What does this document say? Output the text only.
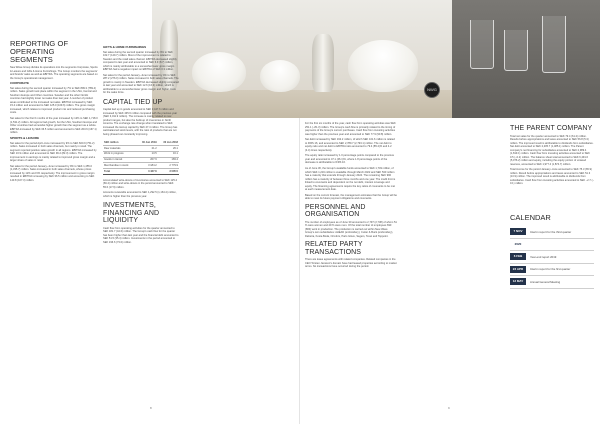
NWG
REPORTING OF OPERATING SEGMENTS

New Wave Group divides its operations into the segments Corporate, Sports & Leisure and Gifts & Home Furnishings. The Group monitors the segments' and brands' sales as well as EBITDA. The operating segments are based on the Group's operational management.

CORPORATE

Net sales during the second quarter increased by 7% to SEK 899.3 (789.4) million. Sales growth took place within the segment in the USA, Central and Southern Europe and Other countries. Sweden and the other Nordic countries had slightly lower net sales than last year. A number of product areas contributed to the increased net sales. EBITDA increased by SEK 15.4 million and amounted to SEK 125.0 (109.6) million. The gross margin increased, which relates to improved product mix and reduced purchasing costs.

Net sales for the first 6 months of the year increased by 12% to SEK 1,718.0 (1,531.2) million. All regions had growth, but the USA, Southern Europe and Other countries had somewhat higher growth than the segment as a whole. EBITDA increased by SEK 36.5 million and amounted to SEK 203.6 (167.1) million.

SPORTS & LEISURE

Net sales for the period April–June increased by 9% to SEK 820.9 (751.2) million. Sales increased in both sales channels, but mainly in retail. The segment reported positive sales growth in all regions. EBITDA increased by SEK 16.9 million and amounted to SEK 99.2 (82.3) million. The improvement in earnings is mainly related to improved gross margin and a larger share of sales in retail.

Net sales for the period January–June increased by 9% to SEK 1,455.0 (1,335.7) million. Sales increased in both sales channels, whose prices increased by 12% and 6% respectively. The improvement in gross margin resulted in EBITDA increasing by SEK 36.5 million and amounting to SEK 143.8 (107.3) million.

GIFTS & HOME FURNISHINGS

Net sales during the second quarter increased by 9% to SEK 162.7 (149.7) million. Most of the improvement is related to Sweden and the retail sales channel. EBITDA decreased slightly compared to last year and amounted to SEK 6.9 (8.7) million, which is mainly attributable to a somewhat lower gross margin. EBITDA had a negative impact on EBITDA of SEK 0.3 million.

Net sales for the period January–June increased by 4% to SEK 287.2 (276.0) million. Sales increased in both sales channels. The growth is mainly in Sweden. EBITDA decreased slightly compared to last year and amounted to SEK 12.6 (16.3) million, which is attributable to a somewhat lower gross margin and higher costs for the sales force.

CAPITAL TIED UP

Capital tied up in goods amounted to SEK 3,447.6 million and increased by SEK 435.6 million compared with the previous year (SEK 3,011.9 million). The increase is mainly related to new product ranges, but also the build-up of inventories in North America. The exchange rate change when translated to SEK increased the tied-up capital by SEK 47.4 million. The Group has well-balanced stock levels, with the ratio of products that are not being phased out constantly improving.

SEK million	30 Jun 2019	30 Jun 2018
Raw materials	21.2	26.1
Work in progress	13.5	16.1
Goods in transit	207.9	183.4
Merchandise in stock	3 184.2	2 779.9
Total	3 427.6	3 005.5

Accumulated write-downs of inventories amounted to SEK 125.4 (69.4) million and write-downs in the period amounted to SEK 55.6 (17.9) million.

Accounts receivable amounted to SEK 1,292.5 (1,164.4) million, which is higher than the previous year.

INVESTMENTS, FINANCING AND LIQUIDITY

Cash flow from operating activities for the quarter amounted to SEK 181.7 (44.6) million. The Group's cash flow for the quarter has been higher than last year and the financial debt amounted to SEK 51.5 (35.4) million. Investments in the period amounted to SEK 196.6 (73.0) million.

For the first six months of the year, cash flow from operating activities was SEK 251.1 (–81.3) million. The Group's cash flow is primarily related to the timing of payments of the Group's current purchases. Cash flow from investing activities was higher than the previous year and amounted to SEK 77.9 (90.8) million.

Net debt increased by SEK 192.2 million, of which SEK 101.6 million is related to IFRS 16, and amounted to SEK 2,789.7 (2,793.1) million. The net debt to equity ratio and net debt to EBITDA ratio amounted to 79.4 (85.4)% and 4.2 (4.4) times respectively.

The equity ratio increased by 1.0 percentage points compared to the previous year and amounted to 47.1 (46.1)%, where 1.8 percentage points of the decrease is attributable to IFRS 16.

As of June 30, the Group's available funds amounted to SEK 1,749 million, of which SEK 1,219 million is available through March 2022 and SEK 530 million has a maturity that extends through January 2024. The remaining SEK 990 million has a maturity of between three months and one year. The credit limit is linked to covenants and dependent on the net debt, interest coverage and equity. The financing agreements require the key ratios of covenants to be met at each measurement date.

Based on the current forecast, the management estimates that the Group will be able to meet its future payment obligations and covenants.

PERSONNEL AND ORGANISATION

The number of employees as of June 30 amounted to 2,797 (2,738) of whom 51 % were women and 49 % were men. Of the total number of employees 690 (684) work in production. The production is carried out within New Wave Group's own subsidiaries: AHEAD (embroidery), Cutter & Buck (embroidery), Dahetra, Kosta Boda, Orrefors, Paris Glove, Segers, Texet and Toppoint.

RELATED PARTY TRANSACTIONS

There are lease agreements with related companies. Related companies in the CEO Torsten Jansson's domain have had leased properties according to market terms. No transactions have occurred during the period.

THE PARENT COMPANY

Total net sales for the quarter amounted to SEK 79.4 (61.2) million. Results before appropriations and taxes amounted to SEK 56.8 (5.3) million. The improved result is attributable to dividends from subsidiaries. Net debt amounted to SEK 2,205.7 (1,485.1) million. The Parent company's net financing for subsidiaries amounted to SEK 2,989.4 (1,819.1) million. Cash flow from investing activities amounted to SEK 0.5 (–0.2) million. The balance sheet total amounted to SEK 6,491.6 (5,076.2) million and equity, including the equity portion of untaxed reserves, amounted to SEK 1,977.4 (1,874.7) million.

Total income for the period January–June amounted to SEK 75.3 (65.9) million. Result before appropriations and taxes amounted to SEK 51.3 (13.9) million. The improved result is attributable to dividends from subsidiaries. Cash flow from investing activities amounted to SEK –2.7 (–0.1) million.

CALENDAR
7 NOV	Interim report for the third quarter
2020
6 FEB	Year-end report 2019
23 APR	Interim report for the first quarter
13 MAY	Annual General Meeting
8	9
